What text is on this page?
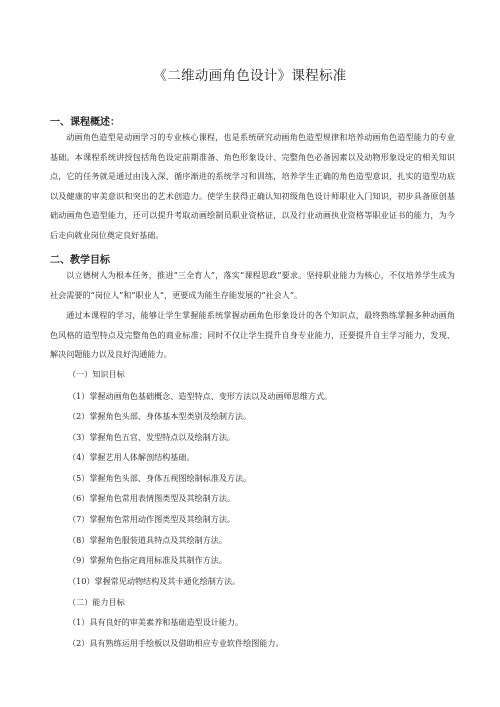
《二维动画角色设计》课程标准
一、课程概述：

动画角色造型是动画学习的专业核心课程，也是系统研究动画角色造型规律和培养动画角色造型能力的专业基础。本课程系统讲授包括角色设定前期准备、角色形象设计、完整角色必备因素以及动物形象设定的相关知识点，它的任务就是通过由浅入深、循序渐进的系统学习和训练，培养学生正确的角色造型意识、扎实的造型功底以及健康的审美意识和突出的艺术创造力。使学生获得正确认知初级角色设计师职业入门知识，初步具备原创基础动画角色造型能力，还可以提升考取动画绘制员职业资格证，以及行业动画执业资格等职业证书的能力，为今后走向就业岗位奠定良好基础。

二、教学目标

以立德树人为根本任务，推进“三全育人”，落实“课程思政”要求。坚持职业能力为核心，不仅培养学生成为社会需要的“岗位人”和“职业人”，更要成为能生存能发展的“社会人”。

通过本课程的学习，能够让学生掌握能系统掌握动画角色形象设计的各个知识点，最终熟练掌握多种动画角色风格的造型特点及完整角色的商业标准；同时不仅让学生提升自身专业能力，还要提升自主学习能力，发现、解决问题能力以及良好沟通能力。

（一）知识目标
（1）掌握动画角色基础概念、造型特点、变形方法以及动画师思维方式。
（2）掌握角色头部、身体基本型类别及绘制方法。
（3）掌握角色五官、发型特点以及绘制方法。
（4）掌握艺用人体解剖结构基础。
（5）掌握角色头部、身体五视图绘制标准及方法。
（6）掌握角色常用表情图类型及其绘制方法。
（7）掌握角色常用动作图类型及其绘制方法。
（8）掌握角色服装道具特点及其绘制方法。
（9）掌握角色指定商用标准及其制作方法。
（10）掌握常见动物结构及其卡通化绘制方法。
（二）能力目标
（1）具有良好的审美素养和基础造型设计能力。
（2）具有熟练运用手绘板以及借助相应专业软件绘图能力。
